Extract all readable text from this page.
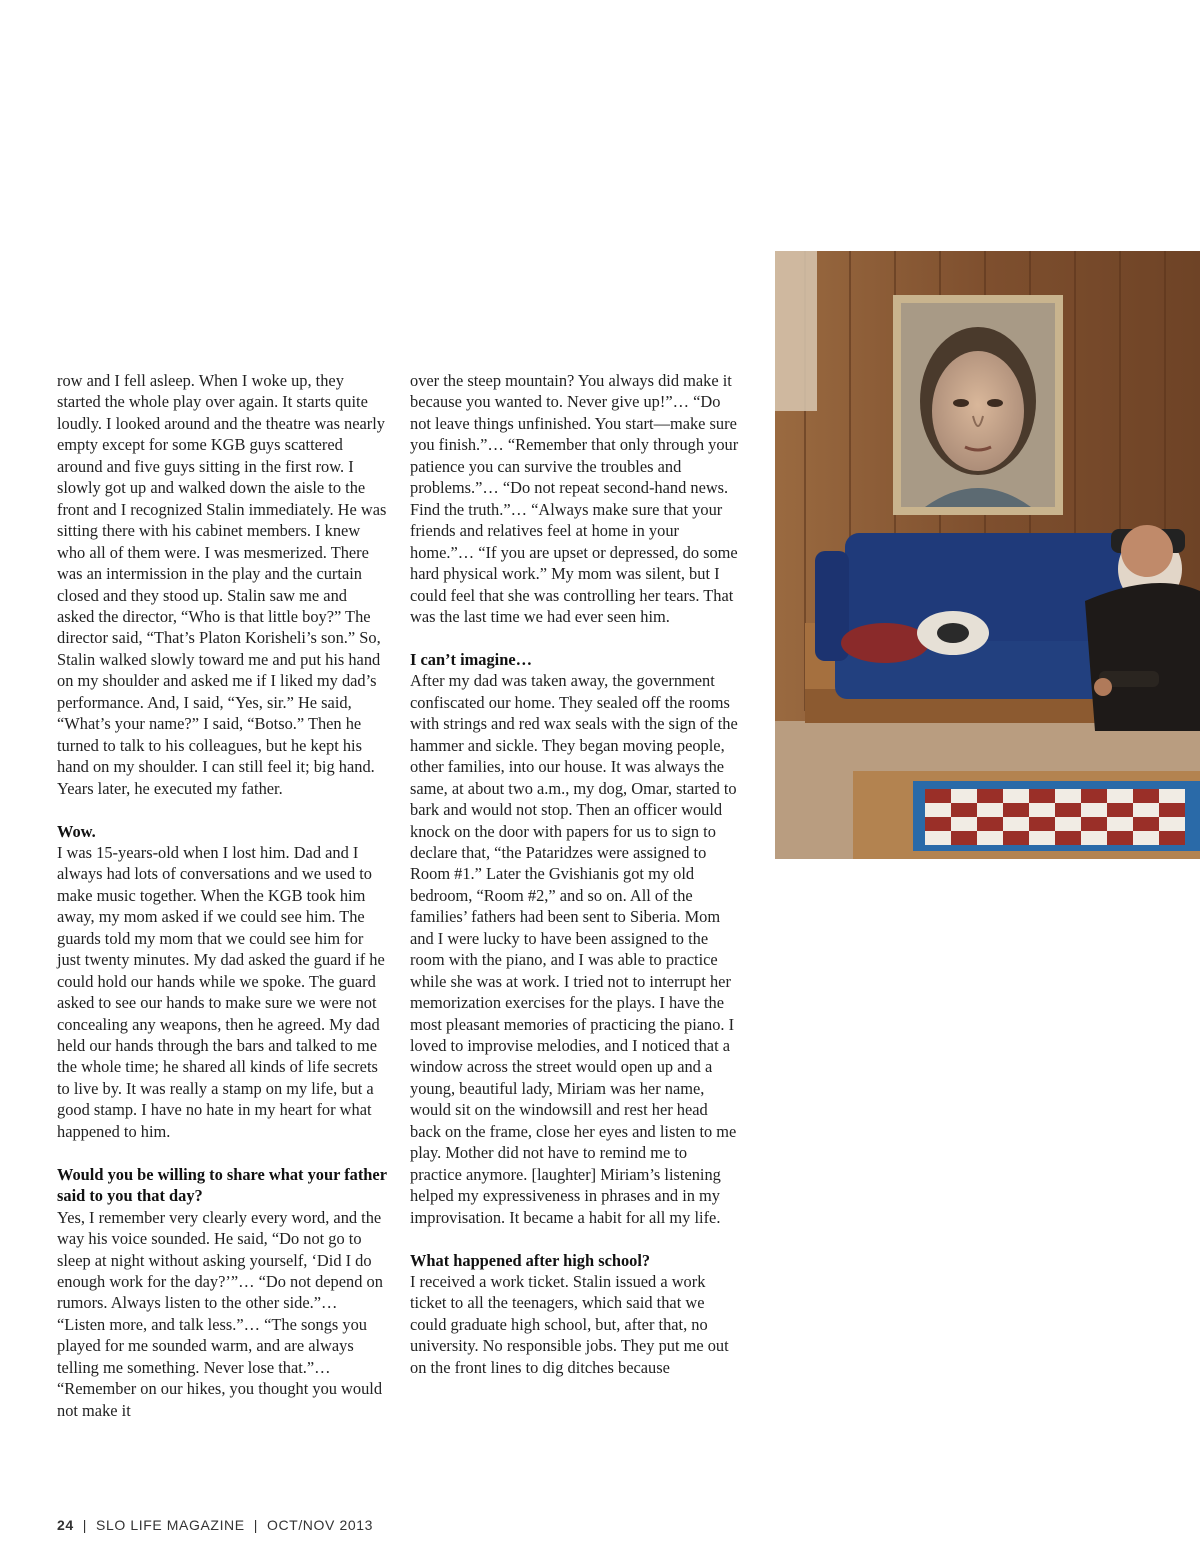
row and I fell asleep. When I woke up, they started the whole play over again. It starts quite loudly. I looked around and the theatre was nearly empty except for some KGB guys scattered around and five guys sitting in the first row. I slowly got up and walked down the aisle to the front and I recognized Stalin immediately. He was sitting there with his cabinet members. I knew who all of them were. I was mesmerized. There was an intermission in the play and the curtain closed and they stood up. Stalin saw me and asked the director, “Who is that little boy?” The director said, “That’s Platon Korisheli’s son.” So, Stalin walked slowly toward me and put his hand on my shoulder and asked me if I liked my dad’s performance. And, I said, “Yes, sir.” He said, “What’s your name?” I said, “Botso.” Then he turned to talk to his colleagues, but he kept his hand on my shoulder. I can still feel it; big hand. Years later, he executed my father.

Wow.

I was 15-years-old when I lost him. Dad and I always had lots of conversations and we used to make music together. When the KGB took him away, my mom asked if we could see him. The guards told my mom that we could see him for just twenty minutes. My dad asked the guard if he could hold our hands while we spoke. The guard asked to see our hands to make sure we were not concealing any weapons, then he agreed. My dad held our hands through the bars and talked to me the whole time; he shared all kinds of life secrets to live by. It was really a stamp on my life, but a good stamp. I have no hate in my heart for what happened to him.

Would you be willing to share what your father said to you that day?

Yes, I remember very clearly every word, and the way his voice sounded. He said, “Do not go to sleep at night without asking yourself, ‘Did I do enough work for the day?’”… “Do not depend on rumors. Always listen to the other side.”… “Listen more, and talk less.”… “The songs you played for me sounded warm, and are always telling me something. Never lose that.”… “Remember on our hikes, you thought you would not make it

over the steep mountain? You always did make it because you wanted to. Never give up!”… “Do not leave things unfinished. You start—make sure you finish.”… “Remember that only through your patience you can survive the troubles and problems.”… “Do not repeat second-hand news. Find the truth.”… “Always make sure that your friends and relatives feel at home in your home.”… “If you are upset or depressed, do some hard physical work.” My mom was silent, but I could feel that she was controlling her tears. That was the last time we had ever seen him.

I can’t imagine…

After my dad was taken away, the government confiscated our home. They sealed off the rooms with strings and red wax seals with the sign of the hammer and sickle. They began moving people, other families, into our house. It was always the same, at about two a.m., my dog, Omar, started to bark and would not stop. Then an officer would knock on the door with papers for us to sign to declare that, “the Pataridzes were assigned to Room #1.” Later the Gvishianis got my old bedroom, “Room #2,” and so on. All of the families’ fathers had been sent to Siberia. Mom and I were lucky to have been assigned to the room with the piano, and I was able to practice while she was at work. I tried not to interrupt her memorization exercises for the plays. I have the most pleasant memories of practicing the piano. I loved to improvise melodies, and I noticed that a window across the street would open up and a young, beautiful lady, Miriam was her name, would sit on the windowsill and rest her head back on the frame, close her eyes and listen to me play. Mother did not have to remind me to practice anymore. [laughter] Miriam’s listening helped my expressiveness in phrases and in my improvisation. It became a habit for all my life.

What happened after high school?

I received a work ticket. Stalin issued a work ticket to all the teenagers, which said that we could graduate high school, but, after that, no university. No responsible jobs. They put me out on the front lines to dig ditches because

24 | SLO LIFE MAGAZINE | OCT/NOV 2013
